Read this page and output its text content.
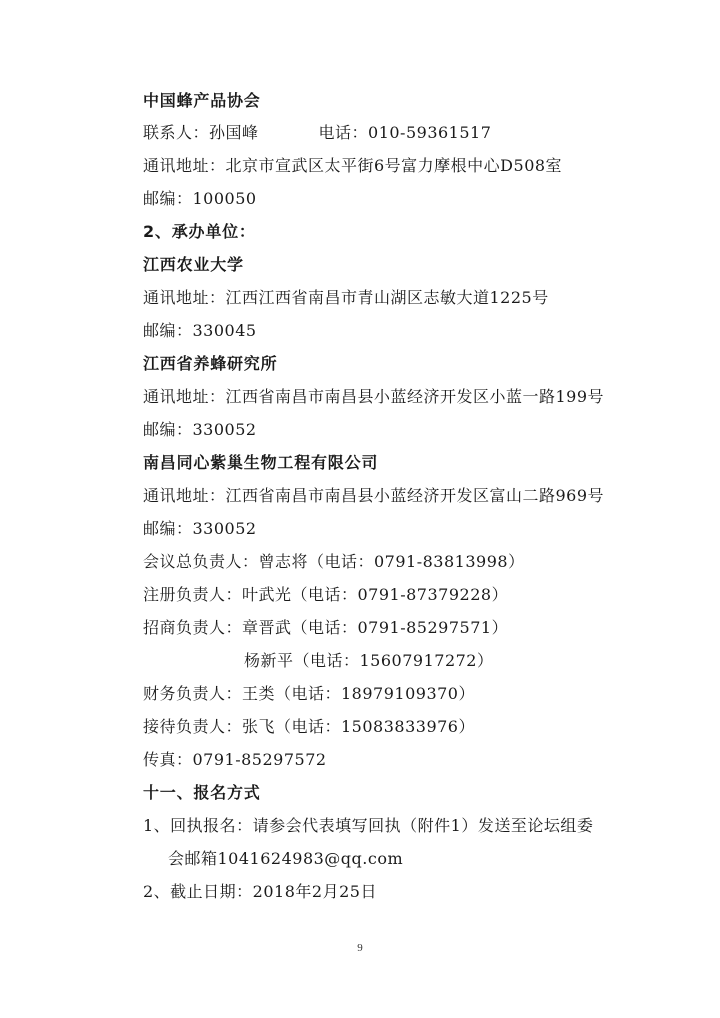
中国蜂产品协会
联系人：孙国峰	电话：010-59361517
通讯地址：北京市宣武区太平街6号富力摩根中心D508室
邮编：100050
2、承办单位：
江西农业大学
通讯地址：江西江西省南昌市青山湖区志敏大道1225号
邮编：330045
江西省养蜂研究所
通讯地址：江西省南昌市南昌县小蓝经济开发区小蓝一路199号
邮编：330052
南昌同心紫巢生物工程有限公司
通讯地址：江西省南昌市南昌县小蓝经济开发区富山二路969号
邮编：330052
会议总负责人：曾志将（电话：0791-83813998）
注册负责人：叶武光（电话：0791-87379228）
招商负责人：章晋武（电话：0791-85297571）
杨新平（电话：15607917272）
财务负责人：王类（电话：18979109370）
接待负责人：张飞（电话：15083833976）
传真：0791-85297572
十一、报名方式
1、回执报名：请参会代表填写回执（附件1）发送至论坛组委
会邮箱1041624983@qq.com
2、截止日期：2018年2月25日
9
